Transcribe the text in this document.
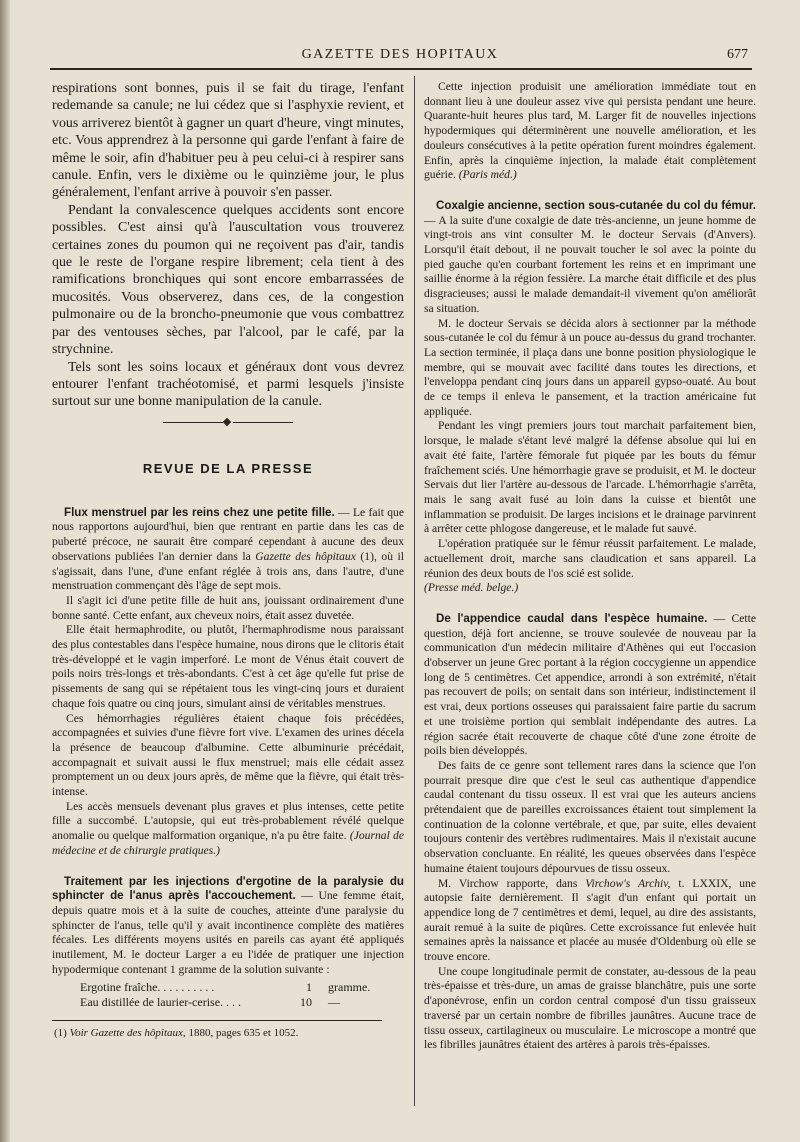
GAZETTE DES HOPITAUX	677

respirations sont bonnes, puis il se fait du tirage, l'enfant redemande sa canule; ne lui cédez que si l'asphyxie revient, et vous arriverez bientôt à gagner un quart d'heure, vingt minutes, etc. Vous apprendrez à la personne qui garde l'enfant à faire de même le soir, afin d'habituer peu à peu celui-ci à respirer sans canule. Enfin, vers le dixième ou le quinzième jour, le plus généralement, l'enfant arrive à pouvoir s'en passer.

Pendant la convalescence quelques accidents sont encore possibles. C'est ainsi qu'à l'auscultation vous trouverez certaines zones du poumon qui ne reçoivent pas d'air, tandis que le reste de l'organe respire librement; cela tient à des ramifications bronchiques qui sont encore embarrassées de mucosités. Vous observerez, dans ces, de la congestion pulmonaire ou de la broncho-pneumonie que vous combattrez par des ventouses sèches, par l'alcool, par le café, par la strychnine.

Tels sont les soins locaux et généraux dont vous devrez entourer l'enfant trachéotomisé, et parmi lesquels j'insiste surtout sur une bonne manipulation de la canule.

REVUE DE LA PRESSE

Flux menstruel par les reins chez une petite fille. — Le fait que nous rapportons aujourd'hui, bien que rentrant en partie dans les cas de puberté précoce, ne saurait être comparé cependant à aucune des deux observations publiées l'an dernier dans la Gazette des hôpitaux (1), où il s'agissait, dans l'une, d'une enfant réglée à trois ans, dans l'autre, d'une menstruation commençant dès l'âge de sept mois.

Il s'agit ici d'une petite fille de huit ans, jouissant ordinairement d'une bonne santé. Cette enfant, aux cheveux noirs, était assez duvetée.

Elle était hermaphrodite, ou plutôt, l'hermaphrodisme nous paraissant des plus contestables dans l'espèce humaine, nous dirons que le clitoris était très-développé et le vagin imperforé. Le mont de Vénus était couvert de poils noirs très-longs et très-abondants. C'est à cet âge qu'elle fut prise de pissements de sang qui se répétaient tous les vingt-cinq jours et duraient chaque fois quatre ou cinq jours, simulant ainsi de véritables menstrues.

Ces hémorrhagies régulières étaient chaque fois précédées, accompagnées et suivies d'une fièvre fort vive. L'examen des urines décela la présence de beaucoup d'albumine. Cette albuminurie précédait, accompagnait et suivait aussi le flux menstruel; mais elle cédait assez promptement un ou deux jours après, de même que la fièvre, qui était très-intense.

Les accès mensuels devenant plus graves et plus intenses, cette petite fille a succombé. L'autopsie, qui eut très-probablement révélé quelque anomalie ou quelque malformation organique, n'a pu être faite. (Journal de médecine et de chirurgie pratiques.)

Traitement par les injections d'ergotine de la paralysie du sphincter de l'anus après l'accouchement. — Une femme était, depuis quatre mois et à la suite de couches, atteinte d'une paralysie du sphincter de l'anus, telle qu'il y avait incontinence complète des matières fécales. Les différents moyens usités en pareils cas ayant été appliqués inutilement, M. le docteur Larger a eu l'idée de pratiquer une injection hypodermique contenant 1 gramme de la solution suivante :

Ergotine fraîche. . . . . . . . . .	1 gramme.
Eau distillée de laurier-cerise. . . .	10 —
(1) Voir Gazette des hôpitaux, 1880, pages 635 et 1052.

Cette injection produisit une amélioration immédiate tout en donnant lieu à une douleur assez vive qui persista pendant une heure. Quarante-huit heures plus tard, M. Larger fit de nouvelles injections hypodermiques qui déterminèrent une nouvelle amélioration, et les douleurs consécutives à la petite opération furent moindres également. Enfin, après la cinquième injection, la malade était complètement guérie. (Paris méd.)

Coxalgie ancienne, section sous-cutanée du col du fémur. — A la suite d'une coxalgie de date très-ancienne, un jeune homme de vingt-trois ans vint consulter M. le docteur Servais (d'Anvers). Lorsqu'il était debout, il ne pouvait toucher le sol avec la pointe du pied gauche qu'en courbant fortement les reins et en imprimant une saillie énorme à la région fessière. La marche était difficile et des plus disgracieuses; aussi le malade demandait-il vivement qu'on améliorât sa situation.

M. le docteur Servais se décida alors à sectionner par la méthode sous-cutanée le col du fémur à un pouce au-dessus du grand trochanter. La section terminée, il plaça dans une bonne position physiologique le membre, qui se mouvait avec facilité dans toutes les directions, et l'enveloppa pendant cinq jours dans un appareil gypso-ouaté. Au bout de ce temps il enleva le pansement, et la traction américaine fut appliquée.

Pendant les vingt premiers jours tout marchait parfaitement bien, lorsque, le malade s'étant levé malgré la défense absolue qui lui en avait été faite, l'artère fémorale fut piquée par les bouts du fémur fraîchement sciés. Une hémorrhagie grave se produisit, et M. le docteur Servais dut lier l'artère au-dessous de l'arcade. L'hémorrhagie s'arrêta, mais le sang avait fusé au loin dans la cuisse et bientôt une inflammation se produisit. De larges incisions et le drainage parvinrent à arrêter cette phlogose dangereuse, et le malade fut sauvé.

L'opération pratiquée sur le fémur réussit parfaitement. Le malade, actuellement droit, marche sans claudication et sans appareil. La réunion des deux bouts de l'os scié est solide.

(Presse méd. belge.)

De l'appendice caudal dans l'espèce humaine. — Cette question, déjà fort ancienne, se trouve soulevée de nouveau par la communication d'un médecin militaire d'Athènes qui eut l'occasion d'observer un jeune Grec portant à la région coccygienne un appendice long de 5 centimètres. Cet appendice, arrondi à son extrémité, n'était pas recouvert de poils; on sentait dans son intérieur, indistinctement il est vrai, deux portions osseuses qui paraissaient faire partie du sacrum et une troisième portion qui semblait indépendante des autres. La région sacrée était recouverte de chaque côté d'une zone étroite de poils bien développés.

Des faits de ce genre sont tellement rares dans la science que l'on pourrait presque dire que c'est le seul cas authentique d'appendice caudal contenant du tissu osseux. Il est vrai que les auteurs anciens prétendaient que de pareilles excroissances étaient tout simplement la continuation de la colonne vertébrale, et que, par suite, elles devaient toujours contenir des vertèbres rudimentaires. Mais il n'existait aucune observation concluante. En réalité, les queues observées dans l'espèce humaine étaient toujours dépourvues de tissu osseux.

M. Virchow rapporte, dans Virchow's Archiv, t. LXXIX, une autopsie faite dernièrement. Il s'agit d'un enfant qui portait un appendice long de 7 centimètres et demi, lequel, au dire des assistants, aurait remué à la suite de piqûres. Cette excroissance fut enlevée huit semaines après la naissance et placée au musée d'Oldenburg où elle se trouve encore.

Une coupe longitudinale permit de constater, au-dessous de la peau très-épaisse et très-dure, un amas de graisse blanchâtre, puis une sorte d'aponévrose, enfin un cordon central composé d'un tissu graisseux traversé par un certain nombre de fibrilles jaunâtres. Aucune trace de tissu osseux, cartilagineux ou musculaire. Le microscope a montré que les fibrilles jaunâtres étaient des artères à parois très-épaisses.
